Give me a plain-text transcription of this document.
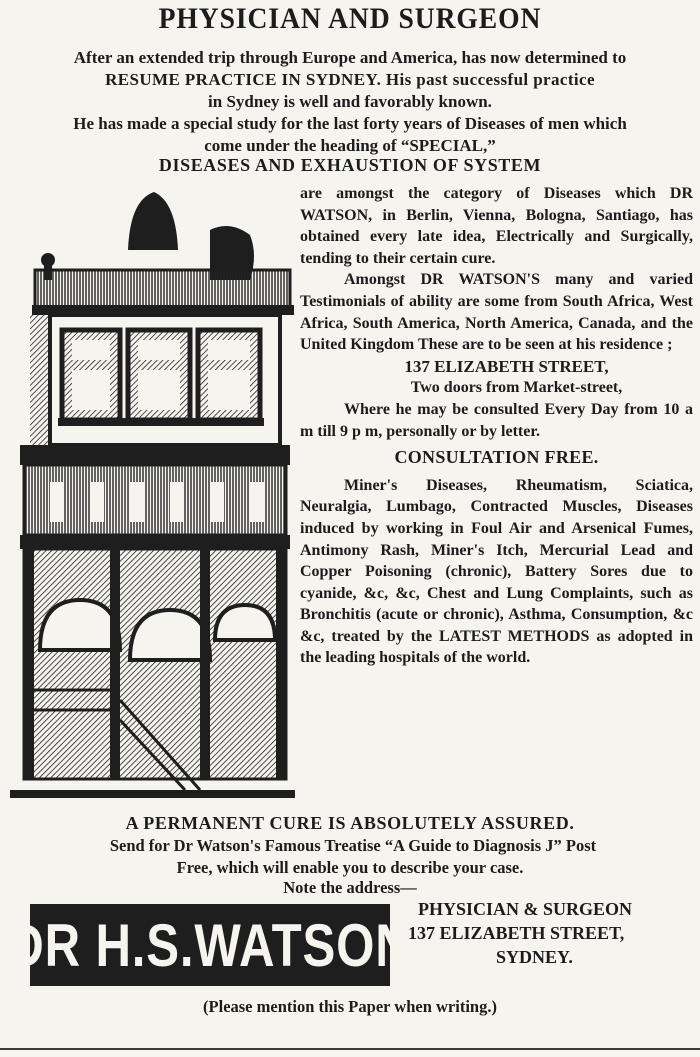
PHYSICIAN AND SURGEON
After an extended trip through Europe and America, has now determined to
RESUME PRACTICE IN SYDNEY. His past successful practice
in Sydney is well and favorably known.
He has made a special study for the last forty years of Diseases of men which
come under the heading of “SPECIAL,”
DISEASES AND EXHAUSTION OF SYSTEM

are amongst the category of Diseases which DR WATSON, in Berlin, Vienna, Bologna, Santiago, has obtained every late idea, Electrically and Surgically, tending to their certain cure.

Amongst DR WATSON'S many and varied Testimonials of ability are some from South Africa, West Africa, South America, North America, Canada, and the United Kingdom These are to be seen at his residence ;

137 ELIZABETH STREET,
Two doors from Market-street,

Where he may be consulted Every Day from 10 a m till 9 p m, personally or by letter.

CONSULTATION FREE.

Miner's Diseases, Rheumatism, Sciatica, Neuralgia, Lumbago, Contracted Muscles, Diseases induced by working in Foul Air and Arsenical Fumes, Antimony Rash, Miner's Itch, Mercurial Lead and Copper Poisoning (chronic), Battery Sores due to cyanide, &c, &c, Chest and Lung Complaints, such as Bronchitis (acute or chronic), Asthma, Consumption, &c &c, treated by the LATEST METHODS as adopted in the leading hospitals of the world.

A PERMANENT CURE IS ABSOLUTELY ASSURED.
Send for Dr Watson's Famous Treatise “A Guide to Diagnosis J” Post
Free, which will enable you to describe your case.
Note the address—
DR H.S.WATSON
PHYSICIAN & SURGEON
137 ELIZABETH STREET,
SYDNEY.
(Please mention this Paper when writing.)
